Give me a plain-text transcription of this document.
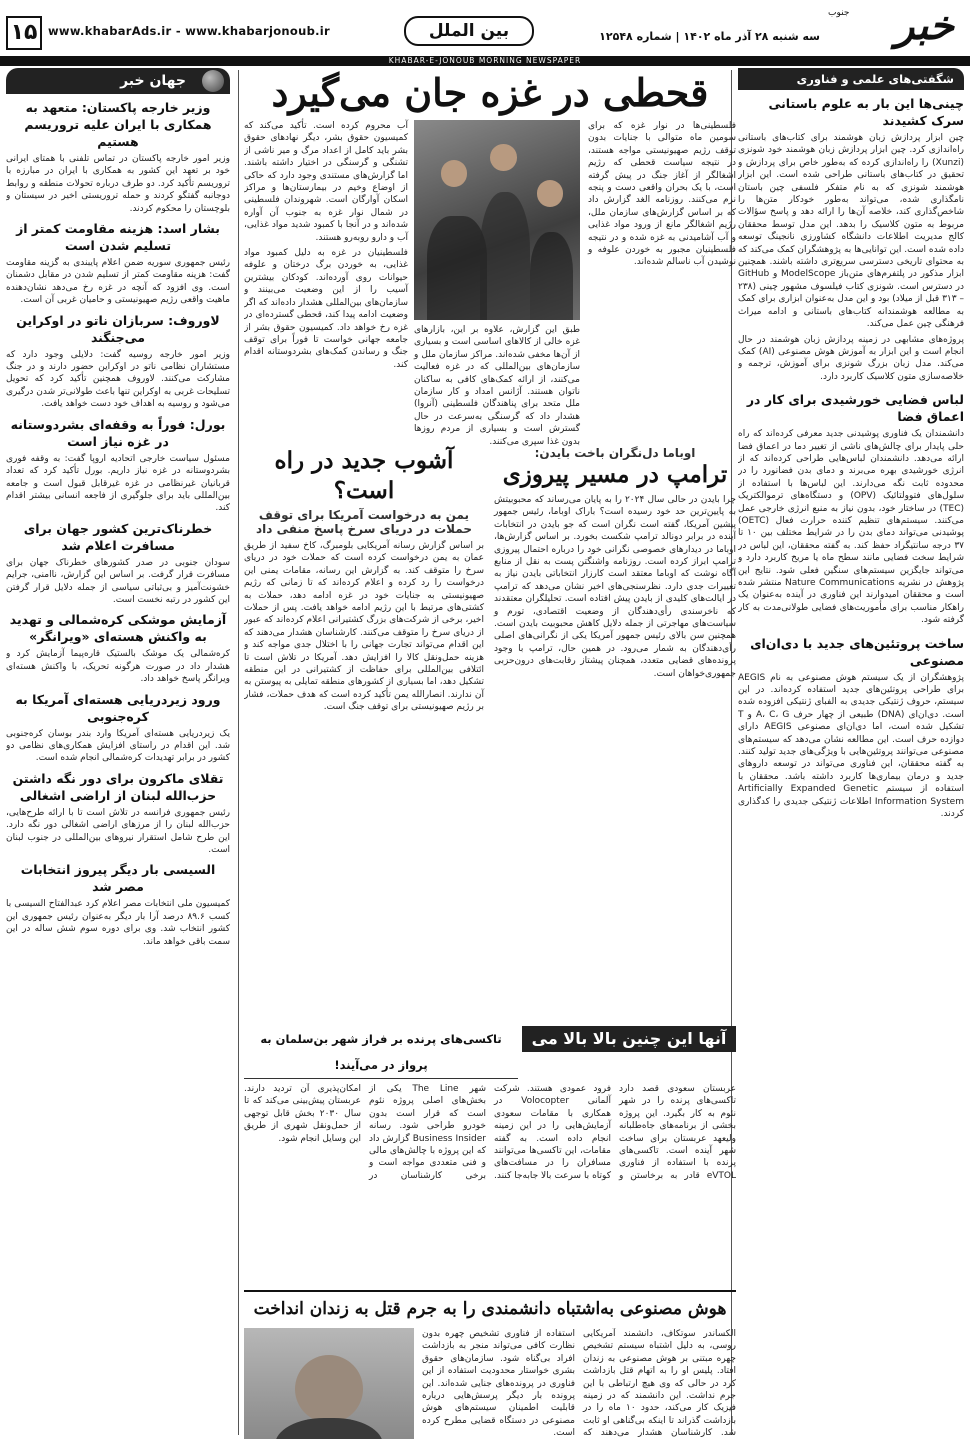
۱۵ www.khabarAds.ir - www.khabarjonoub.ir	بین الملل	سه شنبه ۲۸ آذر ماه ۱۴۰۲ | شماره ۱۲۵۴۸ خبر
جنوب
KHABAR-E-JONOUB MORNING NEWSPAPER
شگفتی‌های علمی و فناوری
چینی‌ها این بار به علوم باستانی سرک کشیدند

چین ابزار پردازش زبان هوشمند برای کتاب‌های باستانی راه‌اندازی کرد. چین ابزار پردازش زبان هوشمند خود شونزی (Xunzi) را راه‌اندازی کرده که به‌طور خاص برای پردازش و تحقیق در کتاب‌های باستانی طراحی شده است. این ابزار هوشمند شونزی که به نام متفکر فلسفی چین باستان نامگذاری شده، می‌تواند به‌طور خودکار متن‌ها را شاخص‌گذاری کند، خلاصه آن‌ها را ارائه دهد و پاسخ سؤالات مربوط به متون کلاسیک را بدهد. این مدل توسط محققان کالج مدیریت اطلاعات دانشگاه کشاورزی نانجینگ توسعه داده شده است. این توانایی‌ها به پژوهشگران کمک می‌کند که به محتوای تاریخی دسترسی سریع‌تری داشته باشند. همچنین ابزار مذکور در پلتفرم‌های متن‌باز ModelScope و GitHub در دسترس است. شونزی کتاب فیلسوف مشهور چینی (۲۳۸ – ۳۱۳ قبل از میلاد) بود و این مدل به‌عنوان ابزاری برای کمک به مطالعه هوشمندانه کتاب‌های باستانی و ادامه میراث فرهنگی چین عمل می‌کند.

پروژه‌های مشابهی در زمینه پردازش زبان هوشمند در حال انجام است و این ابزار به آموزش هوش مصنوعی (AI) کمک می‌کند. مدل زبان بزرگ شونزی برای آموزش، ترجمه و خلاصه‌سازی متون کلاسیک کاربرد دارد.

لباس فضایی خورشیدی برای کار در اعماق فضا

دانشمندان یک فناوری پوشیدنی جدید معرفی کرده‌اند که راه حلی پایدار برای چالش‌های ناشی از تغییر دما در اعماق فضا ارائه می‌دهد. دانشمندان لباس‌هایی طراحی کرده‌اند که از انرژی خورشیدی بهره می‌برند و دمای بدن فضانورد را در محدوده ثابت نگه می‌دارند. این لباس‌ها با استفاده از سلول‌های فتوولتائیک (OPV) و دستگاه‌های ترموالکتریک (TEC) در ساختار خود، بدون نیاز به منبع انرژی خارجی عمل می‌کنند. سیستم‌های تنظیم کننده حرارت فعال (OETC) پوشیدنی می‌تواند دمای بدن را در شرایط مختلف بین ۱۰ تا ۳۷ درجه سانتیگراد حفظ کند. به گفته محققان، این لباس در شرایط سخت فضایی مانند سطح ماه یا مریخ کاربرد دارد و می‌تواند جایگزین سیستم‌های سنگین فعلی شود. نتایج این پژوهش در نشریه Nature Communications منتشر شده است و محققان امیدوارند این فناوری در آینده به‌عنوان یک راهکار مناسب برای مأموریت‌های فضایی طولانی‌مدت به کار گرفته شود.

ساخت پروتئین‌های جدید با دی‌ان‌ای مصنوعی

پژوهشگران از یک سیستم هوش مصنوعی به نام AEGIS برای طراحی پروتئین‌های جدید استفاده کرده‌اند. در این سیستم، حروف ژنتیکی جدیدی به الفبای ژنتیکی افزوده شده است. دی‌ان‌ای (DNA) طبیعی از چهار حرف A، C، G و T تشکیل شده است، اما دی‌ان‌ای مصنوعی AEGIS دارای دوازده حرف است. این مطالعه نشان می‌دهد که سیستم‌های مصنوعی می‌توانند پروتئین‌هایی با ویژگی‌های جدید تولید کنند. به گفته محققان، این فناوری می‌تواند در توسعه داروهای جدید و درمان بیماری‌ها کاربرد داشته باشد. محققان با استفاده از سیستم Artificially Expanded Genetic Information System اطلاعات ژنتیکی جدیدی را کدگذاری کردند.

قحطی در غزه جان می‌گیرد

فلسطینی‌ها در نوار غزه که برای سومین ماه متوالی با جنایات بدون توقف رژیم صهیونیستی مواجه هستند، در نتیجه سیاست قحطی که رژیم اشغالگر از آغاز جنگ در پیش گرفته است، با یک بحران واقعی دست و پنجه نرم می‌کنند. روزنامه الغد گزارش داد که بر اساس گزارش‌های سازمان ملل، رژیم اشغالگر مانع از ورود مواد غذایی و آب آشامیدنی به غزه شده و در نتیجه فلسطینیان مجبور به خوردن علوفه و نوشیدن آب ناسالم شده‌اند.

طبق این گزارش، علاوه بر این، بازارهای غزه خالی از کالاهای اساسی است و بسیاری از آن‌ها مخفی شده‌اند. مراکز سازمان ملل و سازمان‌های بین‌المللی که در غزه فعالیت می‌کنند، از ارائه کمک‌های کافی به ساکنان ناتوان هستند. آژانس امداد و کار سازمان ملل متحد برای پناهندگان فلسطینی (آنروا) هشدار داد که گرسنگی به‌سرعت در حال گسترش است و بسیاری از مردم روزها بدون غذا سپری می‌کنند.

آب محروم کرده است. تأکید می‌کند که کمیسیون حقوق بشر، دیگر نهادهای حقوق بشر باید کامل از اعداد مرگ و میر ناشی از تشنگی و گرسنگی در اختیار داشته باشند. اما گزارش‌های مستندی وجود دارد که حاکی از اوضاع وخیم در بیمارستان‌ها و مراکز اسکان آوارگان است. شهروندان فلسطینی در شمال نوار غزه به جنوب آن آواره شده‌اند و در آنجا با کمبود شدید مواد غذایی، آب و دارو روبه‌رو هستند.

فلسطینیان در غزه به دلیل کمبود مواد غذایی، به خوردن برگ درختان و علوفه حیوانات روی آورده‌اند. کودکان بیشترین آسیب را از این وضعیت می‌بینند و سازمان‌های بین‌المللی هشدار داده‌اند که اگر وضعیت ادامه پیدا کند، قحطی گسترده‌ای در غزه رخ خواهد داد. کمیسیون حقوق بشر از جامعه جهانی خواست تا فوراً برای توقف جنگ و رساندن کمک‌های بشردوستانه اقدام کند.

اوباما دل‌نگران باخت بایدن:
ترامپ در مسیر پیروزی

چرا بایدن در حالی سال ۲۰۲۴ را به پایان می‌رساند که محبوبیتش به پایین‌ترین حد خود رسیده است؟ باراک اوباما، رئیس جمهور پیشین آمریکا، گفته است نگران است که جو بایدن در انتخابات آینده در برابر دونالد ترامپ شکست بخورد. بر اساس گزارش‌ها، اوباما در دیدارهای خصوصی نگرانی خود را درباره احتمال پیروزی ترامپ ابراز کرده است. روزنامه واشنگتن پست به نقل از منابع آگاه نوشت که اوباما معتقد است کارزار انتخاباتی بایدن نیاز به تغییرات جدی دارد. نظرسنجی‌های اخیر نشان می‌دهد که ترامپ در ایالت‌های کلیدی از بایدن پیش افتاده است. تحلیلگران معتقدند که ناخرسندی رأی‌دهندگان از وضعیت اقتصادی، تورم و سیاست‌های مهاجرتی از جمله دلایل کاهش محبوبیت بایدن است. همچنین سن بالای رئیس جمهور آمریکا یکی از نگرانی‌های اصلی رأی‌دهندگان به شمار می‌رود. در همین حال، ترامپ با وجود پرونده‌های قضایی متعدد، همچنان پیشتاز رقابت‌های درون‌حزبی جمهوری‌خواهان است.

آشوب جدید در راه است؟
یمن به درخواست آمریکا برای توقف حملات در دریای سرخ پاسخ منفی داد

بر اساس گزارش رسانه آمریکایی بلومبرگ، کاخ سفید از طریق عمان به یمن درخواست کرده است که حملات خود در دریای سرخ را متوقف کند. به گزارش این رسانه، مقامات یمنی این درخواست را رد کرده و اعلام کرده‌اند که تا زمانی که رژیم صهیونیستی به جنایات خود در غزه ادامه دهد، حملات به کشتی‌های مرتبط با این رژیم ادامه خواهد یافت. پس از حملات اخیر، برخی از شرکت‌های بزرگ کشتیرانی اعلام کرده‌اند که عبور از دریای سرخ را متوقف می‌کنند. کارشناسان هشدار می‌دهند که این اقدام می‌تواند تجارت جهانی را با اختلال جدی مواجه کند و هزینه حمل‌ونقل کالا را افزایش دهد. آمریکا در تلاش است تا ائتلافی بین‌المللی برای حفاظت از کشتیرانی در این منطقه تشکیل دهد، اما بسیاری از کشورهای منطقه تمایلی به پیوستن به آن ندارند. انصارالله یمن تأکید کرده است که هدف حملات، فشار بر رژیم صهیونیستی برای توقف جنگ است.

آنها این چنین بالا بالا می پرند!
تاکسی‌های پرنده بر فراز شهر بن‌سلمان به پرواز در می‌آیند!

عربستان سعودی قصد دارد تاکسی‌های پرنده را در شهر نئوم به کار بگیرد. این پروژه بخشی از برنامه‌های جاه‌طلبانه ولیعهد عربستان برای ساخت شهر آینده است. تاکسی‌های پرنده با استفاده از فناوری eVTOL قادر به برخاستن و فرود عمودی هستند. شرکت آلمانی Volocopter در همکاری با مقامات سعودی آزمایش‌هایی را در این زمینه انجام داده است. به گفته مقامات، این تاکسی‌ها می‌توانند مسافران را در مسافت‌های کوتاه با سرعت بالا جابه‌جا کنند. شهر The Line یکی از بخش‌های اصلی پروژه نئوم است که قرار است بدون خودرو طراحی شود. رسانه Business Insider گزارش داد که این پروژه با چالش‌های مالی و فنی متعددی مواجه است و برخی کارشناسان در امکان‌پذیری آن تردید دارند. عربستان پیش‌بینی می‌کند که تا سال ۲۰۳۰ بخش قابل توجهی از حمل‌ونقل شهری از طریق این وسایل انجام شود.

هوش مصنوعی به‌اشتباه دانشمندی را به جرم قتل به زندان انداخت

الکساندر سوتکاف، دانشمند آمریکایی روسی، به دلیل اشتباه سیستم تشخیص چهره مبتنی بر هوش مصنوعی به زندان افتاد. پلیس او را به اتهام قتل بازداشت کرد در حالی که وی هیچ ارتباطی با این جرم نداشت. این دانشمند که در زمینه فیزیک کار می‌کند، حدود ۱۰ ماه را در بازداشت گذراند تا اینکه بی‌گناهی او ثابت شد. کارشناسان هشدار می‌دهند که استفاده از فناوری تشخیص چهره بدون نظارت کافی می‌تواند منجر به بازداشت افراد بی‌گناه شود. سازمان‌های حقوق بشری خواستار محدودیت استفاده از این فناوری در پرونده‌های جنایی شده‌اند. این پرونده بار دیگر پرسش‌هایی درباره قابلیت اطمینان سیستم‌های هوش مصنوعی در دستگاه قضایی مطرح کرده است.

جهان خبر
وزیر خارجه پاکستان: متعهد به همکاری با ایران علیه تروریسم هستیم

وزیر امور خارجه پاکستان در تماس تلفنی با همتای ایرانی خود بر تعهد این کشور به همکاری با ایران در مبارزه با تروریسم تأکید کرد. دو طرف درباره تحولات منطقه و روابط دوجانبه گفتگو کردند و حمله تروریستی اخیر در سیستان و بلوچستان را محکوم کردند.

بشار اسد: هزینه مقاومت کمتر از تسلیم شدن است

رئیس جمهوری سوریه ضمن اعلام پایبندی به گزینه مقاومت گفت: هزینه مقاومت کمتر از تسلیم شدن در مقابل دشمنان است. وی افزود که آنچه در غزه رخ می‌دهد نشان‌دهنده ماهیت واقعی رژیم صهیونیستی و حامیان غربی آن است.

لاوروف: سرباز‌ان ناتو در اوکراین می‌جنگند

وزیر امور خارجه روسیه گفت: دلایلی وجود دارد که مستشاران نظامی ناتو در اوکراین حضور دارند و در جنگ مشارکت می‌کنند. لاوروف همچنین تأکید کرد که تحویل تسلیحات غربی به اوکراین تنها باعث طولانی‌تر شدن درگیری می‌شود و روسیه به اهداف خود دست خواهد یافت.

بورل: فوراً به وقفه‌ای بشردوستانه در غزه نیاز است

مسئول سیاست خارجی اتحادیه اروپا گفت: به وقفه فوری بشردوستانه در غزه نیاز داریم. بورل تأکید کرد که تعداد قربانیان غیرنظامی در غزه غیرقابل قبول است و جامعه بین‌المللی باید برای جلوگیری از فاجعه انسانی بیشتر اقدام کند.

خطرناک‌ترین کشور جهان برای مسافرت اعلام شد

سودان جنوبی در صدر کشورهای خطرناک جهان برای مسافرت قرار گرفت. بر اساس این گزارش، ناامنی، جرایم خشونت‌آمیز و بی‌ثباتی سیاسی از جمله دلایل قرار گرفتن این کشور در رتبه نخست است.

آزمایش موشکی کره‌شمالی و تهدید به واکنش هسته‌ای «ویرانگر»

کره‌شمالی یک موشک بالستیک قاره‌پیما آزمایش کرد و هشدار داد در صورت هرگونه تحریک، با واکنش هسته‌ای ویرانگر پاسخ خواهد داد.

ورود زیردریایی هسته‌ای آمریکا به کره‌جنوبی

یک زیردریایی هسته‌ای آمریکا وارد بندر بوسان کره‌جنوبی شد. این اقدام در راستای افزایش همکاری‌های نظامی دو کشور در برابر تهدیدات کره‌شمالی انجام شده است.

تقلای ماکرون برای دور نگه داشتن حزب‌الله لبنان از اراضی اشغالی

رئیس جمهوری فرانسه در تلاش است تا با ارائه طرح‌هایی، حزب‌الله لبنان را از مرزهای اراضی اشغالی دور نگه دارد. این طرح شامل استقرار نیروهای بین‌المللی در جنوب لبنان است.

السیسی بار دیگر پیروز انتخابات مصر شد

کمیسیون ملی انتخابات مصر اعلام کرد عبدالفتاح السیسی با کسب ۸۹.۶ درصد آرا بار دیگر به‌عنوان رئیس جمهوری این کشور انتخاب شد. وی برای دوره سوم شش ساله در این سمت باقی خواهد ماند.
